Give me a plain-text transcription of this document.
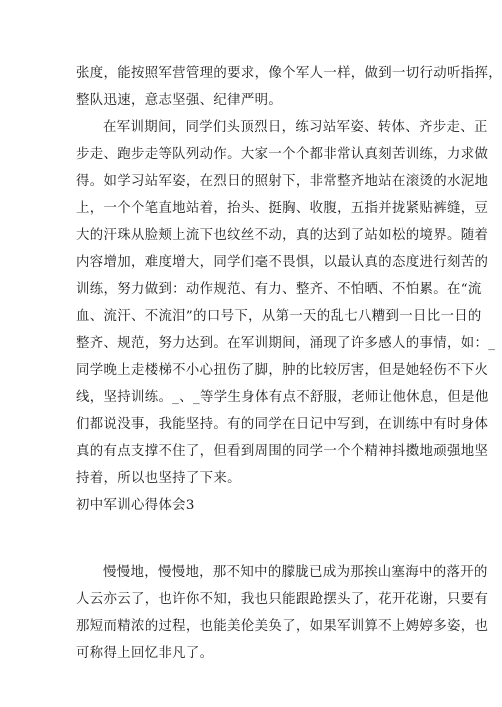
张度，能按照军营管理的要求，像个军人一样，做到一切行动听指挥，
整队迅速，意志坚强、纪律严明。
在军训期间，同学们头顶烈日，练习站军姿、转体、齐步走、正
步走、跑步走等队列动作。大家一个个都非常认真刻苦训练，力求做
得。如学习站军姿，在烈日的照射下，非常整齐地站在滚烫的水泥地
上，一个个笔直地站着，抬头、挺胸、收腹，五指并拢紧贴裤缝，豆
大的汗珠从脸颊上流下也纹丝不动，真的达到了站如松的境界。随着
内容增加，难度增大，同学们毫不畏惧，以最认真的态度进行刻苦的
训练，努力做到：动作规范、有力、整齐、不怕晒、不怕累。在“流
血、流汗、不流泪”的口号下，从第一天的乱七八糟到一日比一日的
整齐、规范，努力达到。在军训期间，涌现了许多感人的事情，如：_
同学晚上走楼梯不小心扭伤了脚，肿的比较厉害，但是她轻伤不下火
线，坚持训练。_、_等学生身体有点不舒服，老师让他休息，但是他
们都说没事，我能坚持。有的同学在日记中写到，在训练中有时身体
真的有点支撑不住了，但看到周围的同学一个个精神抖擞地顽强地坚
持着，所以也坚持了下来。
初中军训心得体会3
慢慢地，慢慢地，那不知中的朦胧已成为那挨山塞海中的落开的
人云亦云了，也许你不知，我也只能跟跄摆头了，花开花谢，只要有
那短而精浓的过程，也能美伦美奂了，如果军训算不上娉婷多姿，也
可称得上回忆非凡了。
